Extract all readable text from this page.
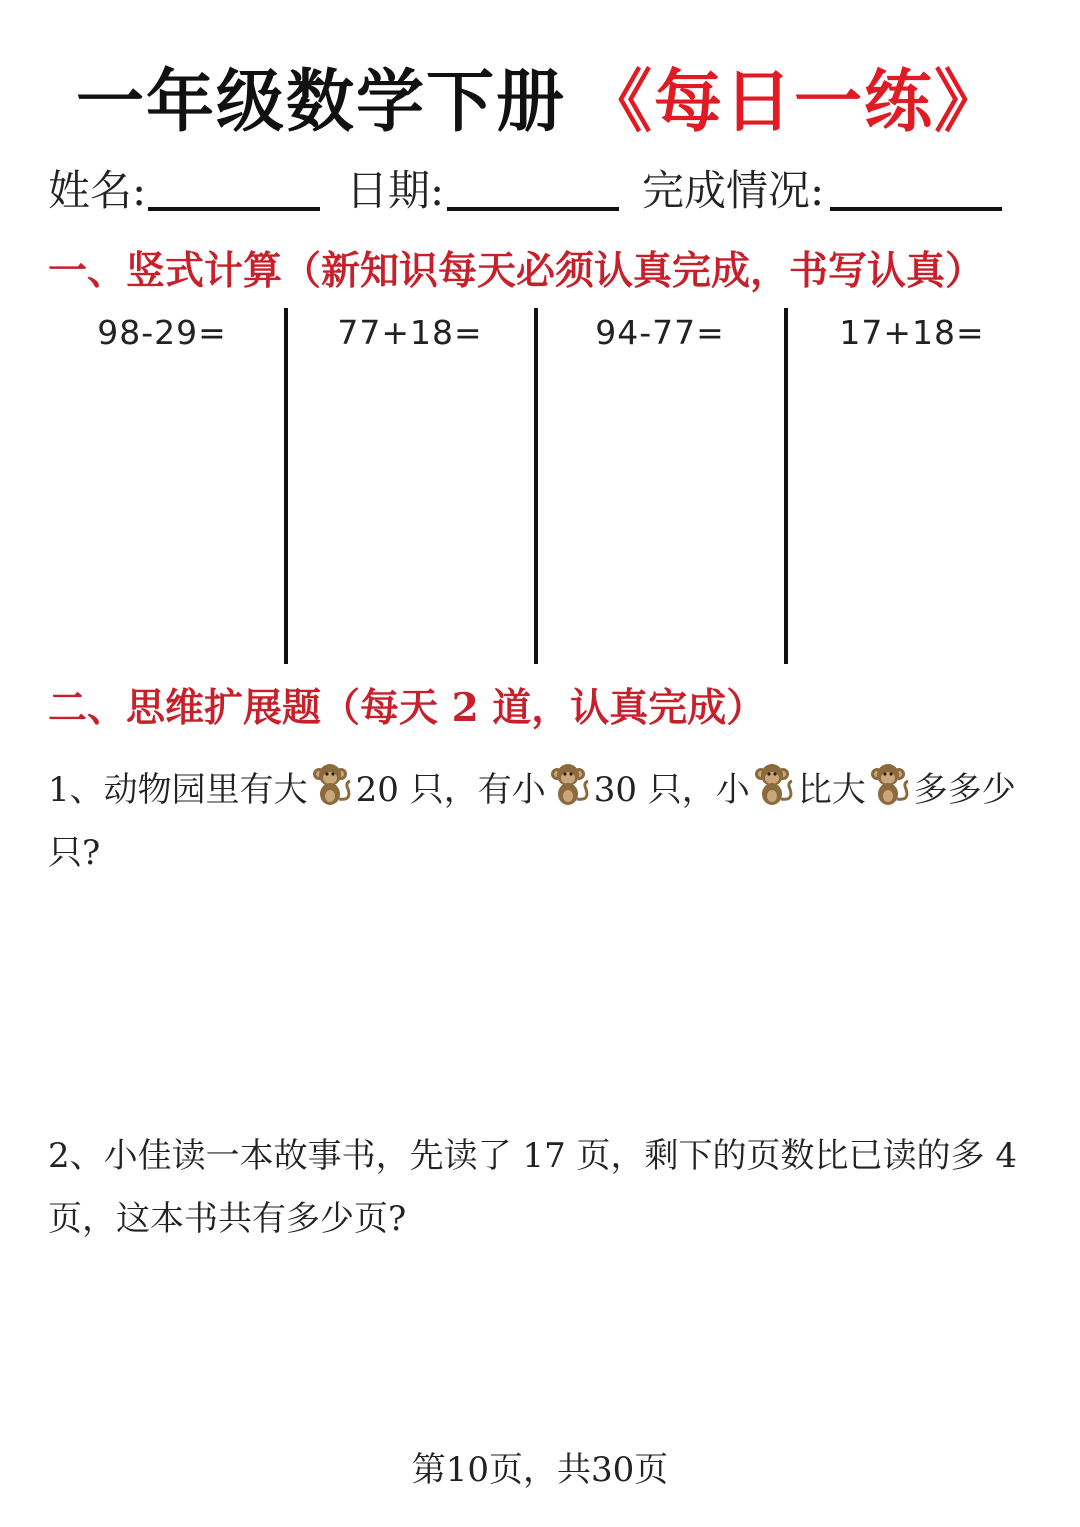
一年级数学下册 《每日一练》
姓名:	日期:	完成情况:
一、竖式计算（新知识每天必须认真完成，书写认真）
98-29=	77+18=	94-77=	17+18=
二、思维扩展题（每天 2 道，认真完成）
1、动物园里有大 20 只，有小 30 只，小 比大 多多少只?
2、小佳读一本故事书，先读了 17 页，剩下的页数比已读的多 4 页，这本书共有多少页?
第10页，共30页
